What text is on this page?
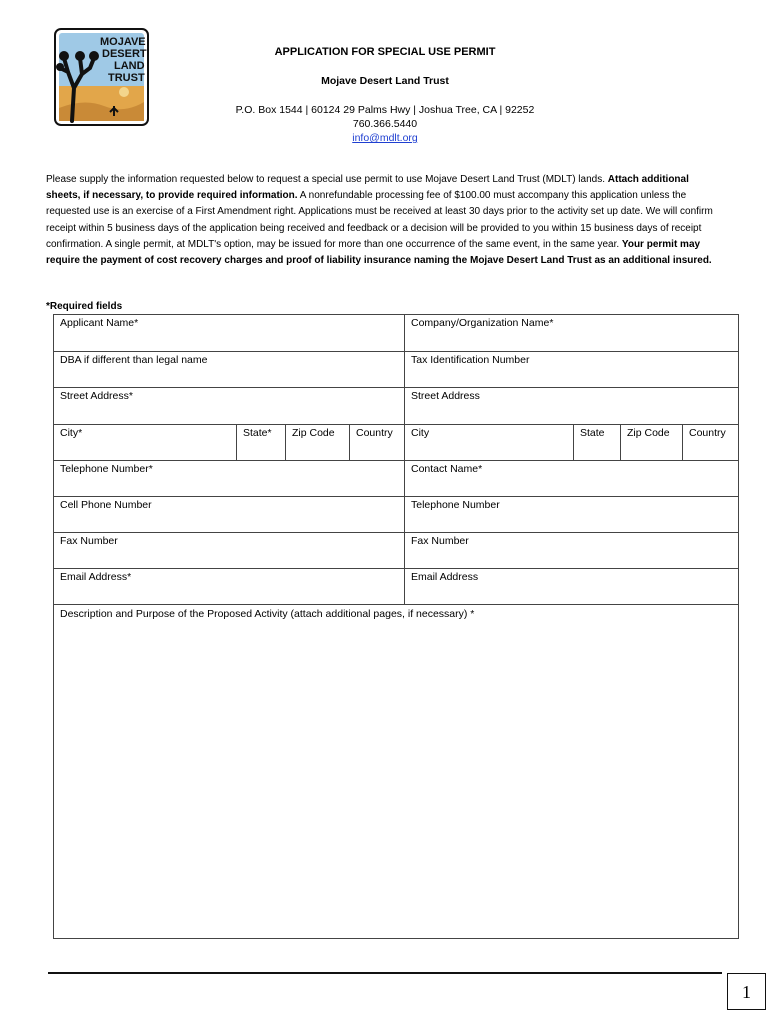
MOJAVE
DESERT
LAND
TRUST
APPLICATION FOR SPECIAL USE PERMIT
Mojave Desert Land Trust
P.O. Box 1544 | 60124 29 Palms Hwy | Joshua Tree, CA | 92252
760.366.5440
info@mdlt.org
Please supply the information requested below to request a special use permit to use Mojave Desert Land Trust (MDLT) lands. Attach additional sheets, if necessary, to provide required information. A nonrefundable processing fee of $100.00 must accompany this application unless the requested use is an exercise of a First Amendment right. Applications must be received at least 30 days prior to the activity set up date. We will confirm receipt within 5 business days of the application being received and feedback or a decision will be provided to you within 15 business days of receipt confirmation. A single permit, at MDLT's option, may be issued for more than one occurrence of the same event, in the same year. Your permit may require the payment of cost recovery charges and proof of liability insurance naming the Mojave Desert Land Trust as an additional insured.
*Required fields
Applicant Name*	Company/Organization Name*
DBA if different than legal name	Tax Identification Number
Street Address*	Street Address
City*	State*	Zip Code	Country	City	State	Zip Code	Country
Telephone Number*	Contact Name*
Cell Phone Number	Telephone Number
Fax Number	Fax Number
Email Address*	Email Address
Description and Purpose of the Proposed Activity (attach additional pages, if necessary) *
1
